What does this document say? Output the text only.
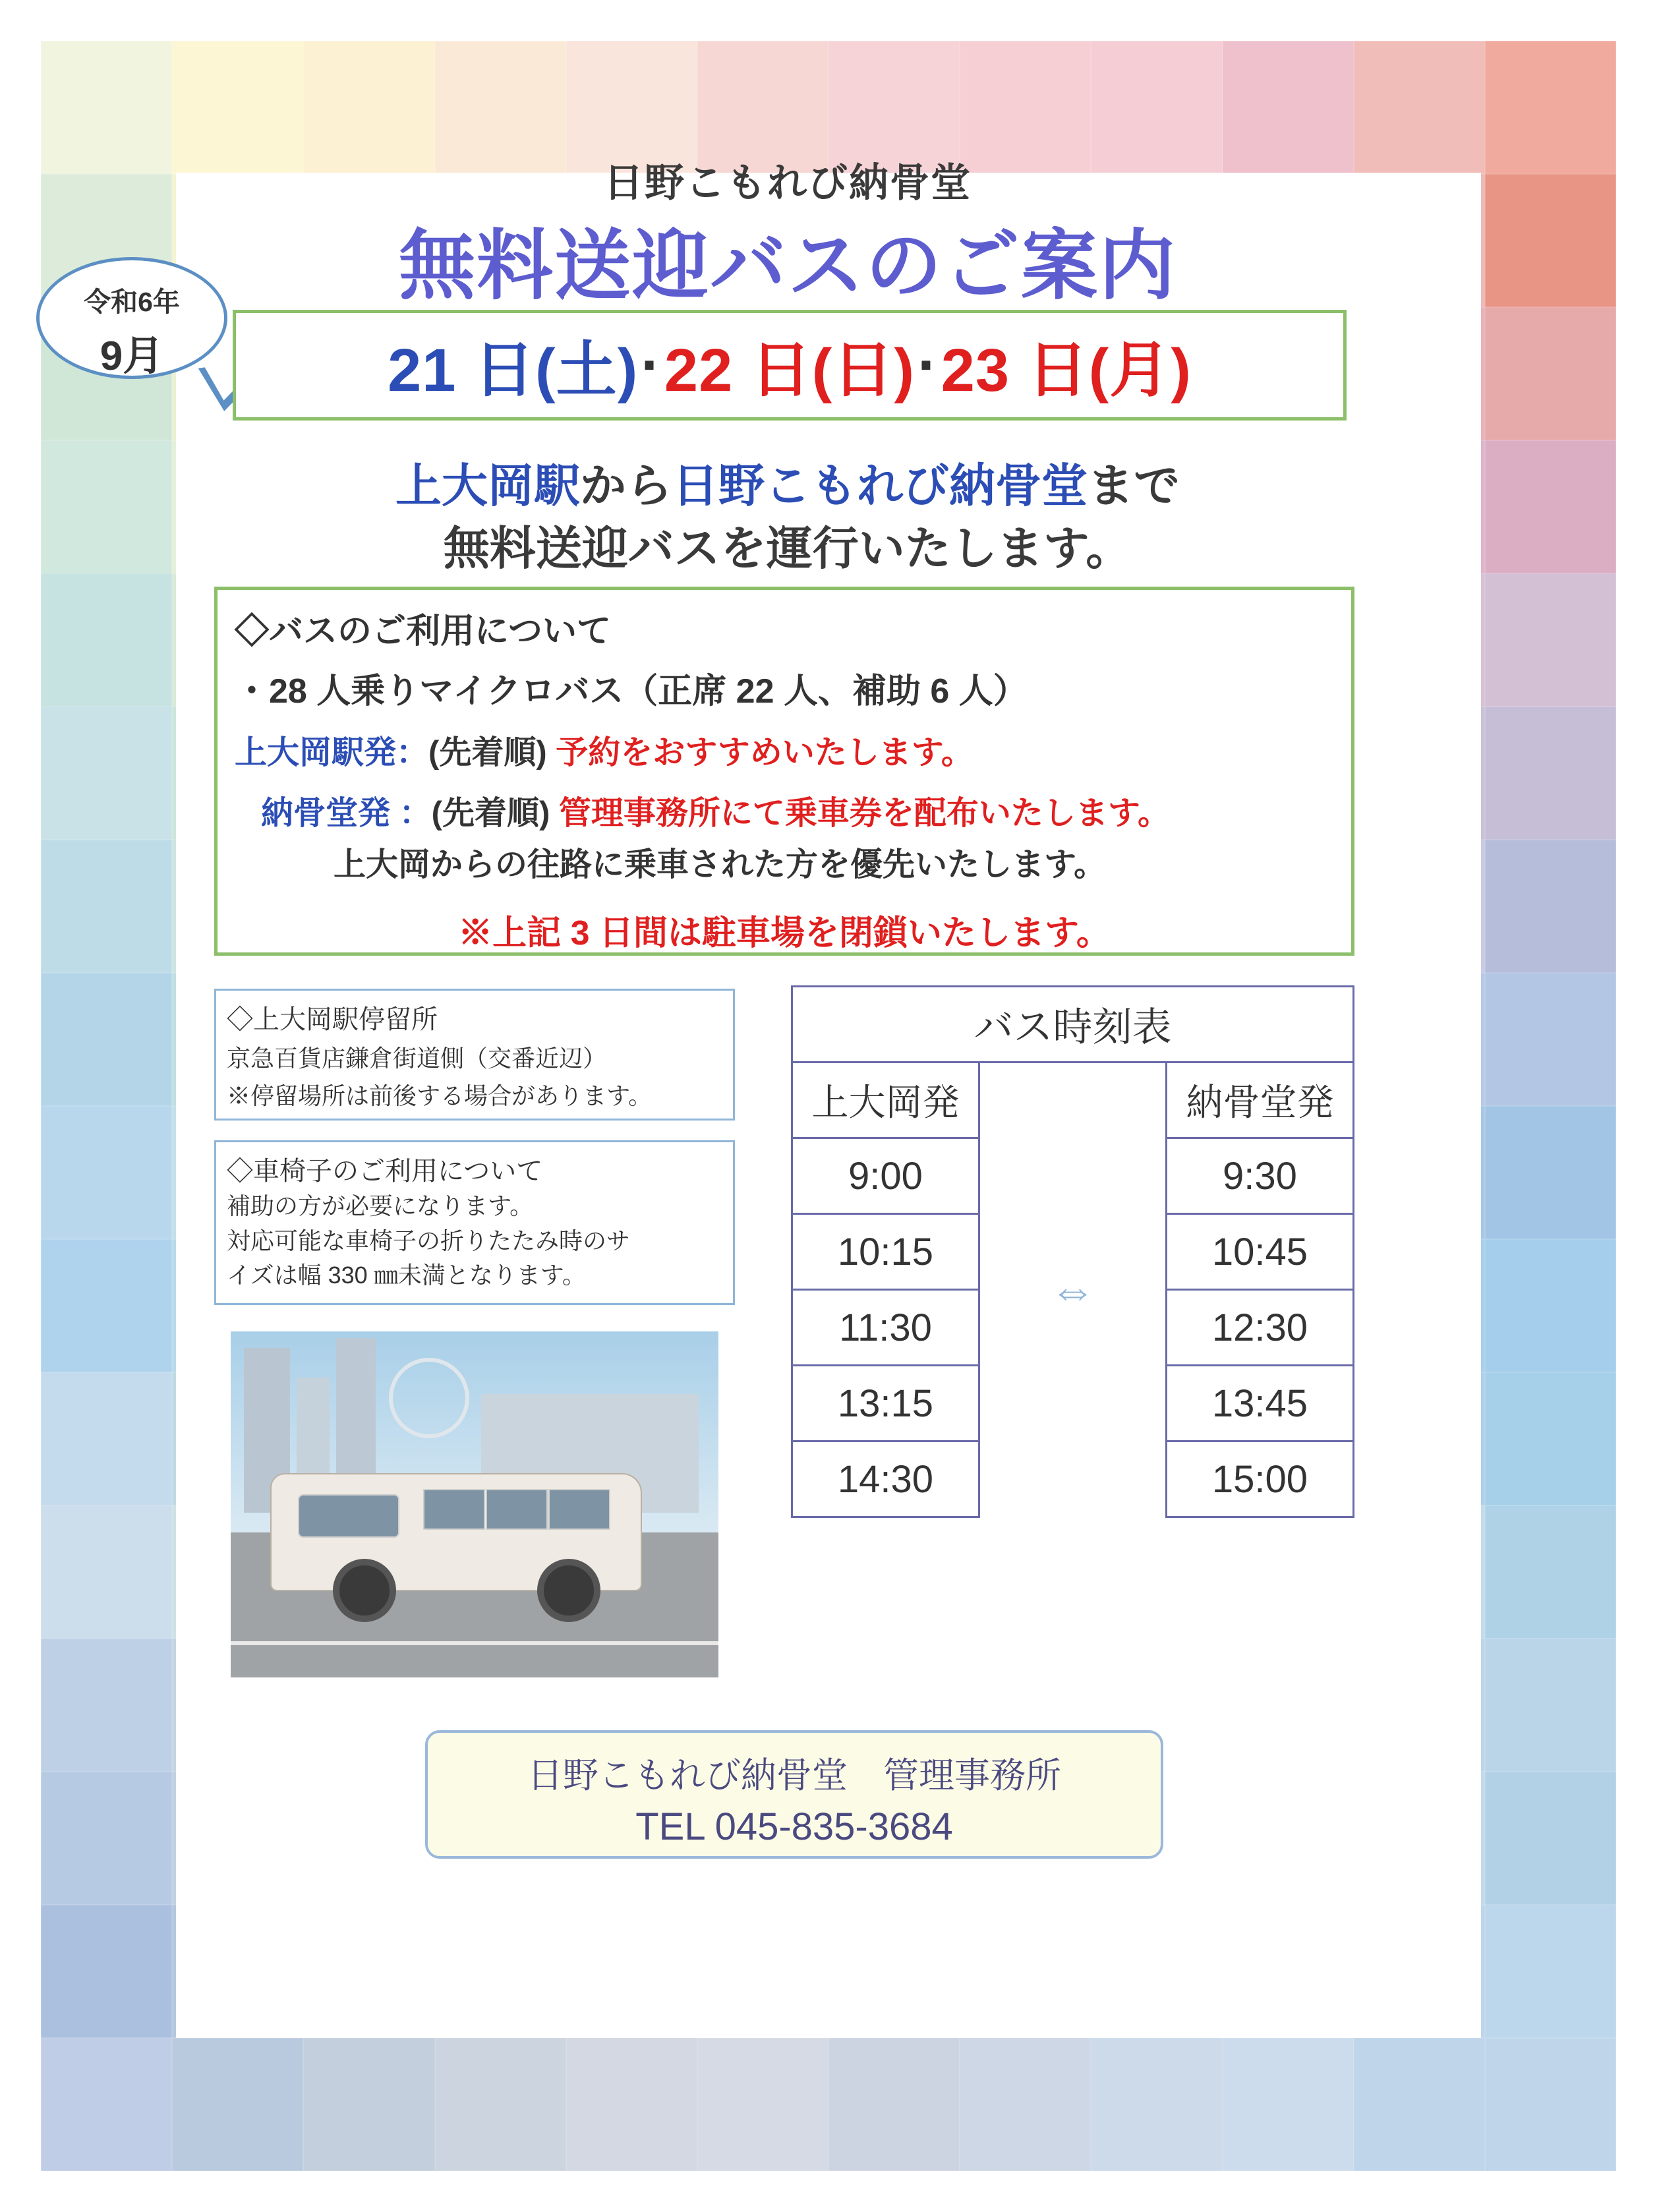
日野こもれび納骨堂
無料送迎バスのご案内
令和6年
9月	21 日(土) · 22 日(日) · 23 日(月)
上大岡駅から日野こもれび納骨堂まで
無料送迎バスを運行いたします。
◇バスのご利用について
・28 人乗りマイクロバス（正席 22 人、補助 6 人）
上大岡駅発：(先着順) 予約をおすすめいたします。
納骨堂発 ：(先着順) 管理事務所にて乗車券を配布いたします。
上大岡からの往路に乗車された方を優先いたします。
※上記 3 日間は駐車場を閉鎖いたします。
◇上大岡駅停留所
京急百貨店鎌倉街道側（交番近辺）
※停留場所は前後する場合があります。
◇車椅子のご利用について
補助の方が必要になります。
対応可能な車椅子の折りたたみ時のサ
イズは幅 330 ㎜未満となります。
バス時刻表		
上大岡発	⇔	納骨堂発
9:00		9:30
10:15		10:45
11:30		12:30
13:15		13:45
14:30		15:00
日野こもれび納骨堂　管理事務所
TEL 045-835-3684
